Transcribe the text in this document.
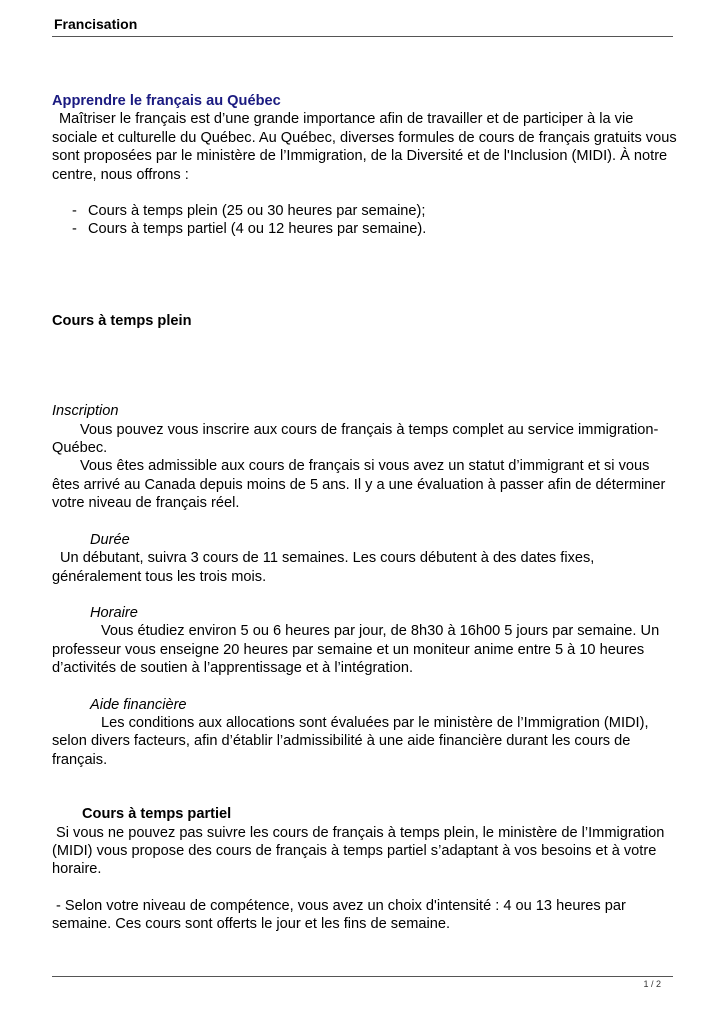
Francisation

Apprendre le français au Québec

Maîtriser le français est d’une grande importance afin de travailler et de participer à la vie sociale et culturelle du Québec. Au Québec, diverses formules de cours de français gratuits vous sont proposées par le ministère de l’Immigration, de la Diversité et de l'Inclusion (MIDI). À notre centre, nous offrons :

- Cours à temps plein (25 ou 30 heures par semaine);
- Cours à temps partiel (4 ou 12 heures par semaine).

Cours à temps plein

Inscription

Vous pouvez vous inscrire aux cours de français à temps complet au service immigration-Québec.

Vous êtes admissible aux cours de français si vous avez un statut d’immigrant et si vous êtes arrivé au Canada depuis moins de 5 ans. Il y a une évaluation à passer afin de déterminer votre niveau de français réel.

Durée

Un débutant, suivra 3 cours de 11 semaines. Les cours débutent à des dates fixes, généralement tous les trois mois.

Horaire

Vous étudiez environ 5 ou 6 heures par jour, de 8h30 à 16h00 5 jours par semaine. Un professeur vous enseigne 20 heures par semaine et un moniteur anime entre 5 à 10 heures d’activités de soutien à l’apprentissage et à l’intégration.

Aide financière

Les conditions aux allocations sont évaluées par le ministère de l’Immigration (MIDI), selon divers facteurs, afin d’établir l’admissibilité à une aide financière durant les cours de français.

Cours à temps partiel

Si vous ne pouvez pas suivre les cours de français à temps plein, le ministère de l’Immigration (MIDI) vous propose des cours de français à temps partiel s’adaptant à vos besoins et à votre horaire.

- Selon votre niveau de compétence, vous avez un choix d'intensité : 4 ou 13 heures par semaine. Ces cours sont offerts le jour et les fins de semaine.

1 / 2
